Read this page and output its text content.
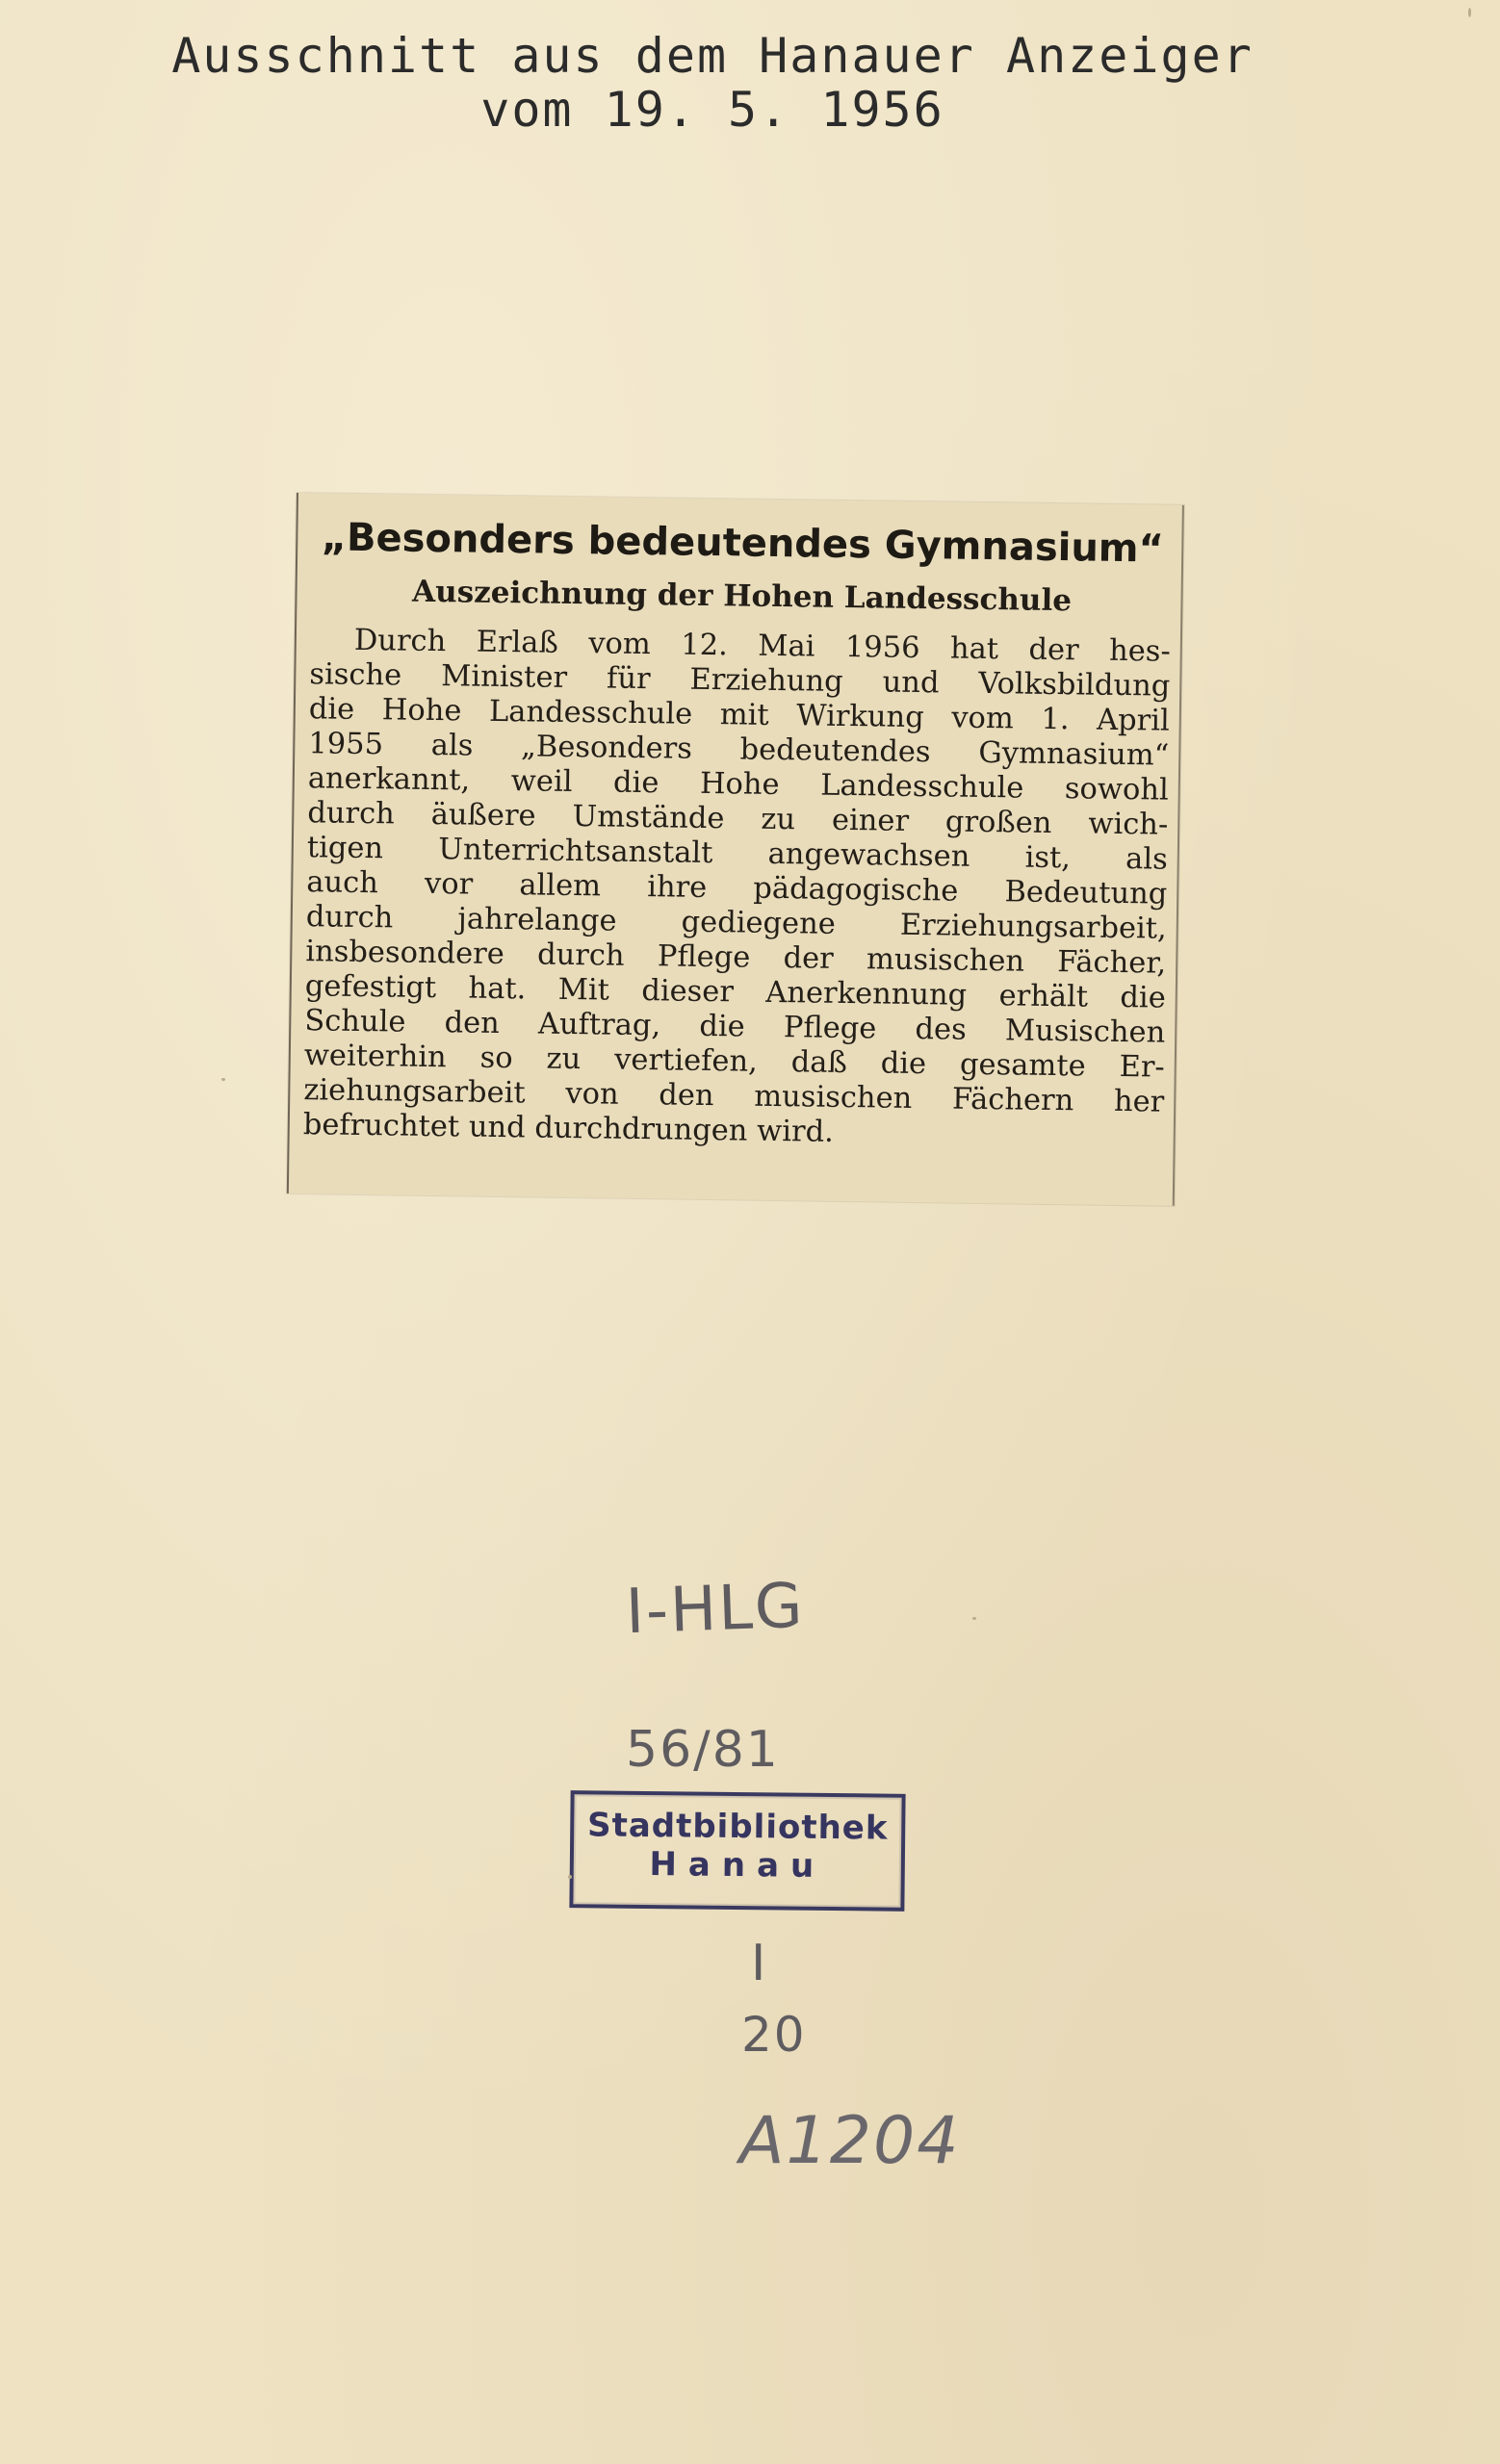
Ausschnitt aus dem Hanauer Anzeiger
vom 19. 5. 1956
„Besonders bedeutendes Gymnasium“
Auszeichnung der Hohen Landesschule
Durch Erlaß vom 12. Mai 1956 hat der hes-
sische Minister für Erziehung und Volksbildung
die Hohe Landesschule mit Wirkung vom 1. April
1955 als „Besonders bedeutendes Gymnasium“
anerkannt, weil die Hohe Landesschule sowohl
durch äußere Umstände zu einer großen wich-
tigen Unterrichtsanstalt angewachsen ist, als
auch vor allem ihre pädagogische Bedeutung
durch jahrelange gediegene Erziehungsarbeit,
insbesondere durch Pflege der musischen Fächer,
gefestigt hat. Mit dieser Anerkennung erhält die
Schule den Auftrag, die Pflege des Musischen
weiterhin so zu vertiefen, daß die gesamte Er-
ziehungsarbeit von den musischen Fächern her
befruchtet und durchdrungen wird.
I-HLG
56/81
Stadtbibliothek
Hanau
I
20
A1204
